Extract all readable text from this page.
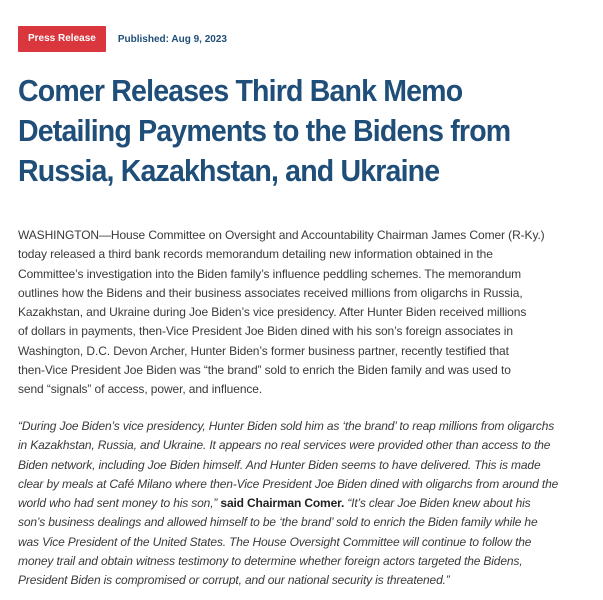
Press Release	Published: Aug 9, 2023
Comer Releases Third Bank Memo
Detailing Payments to the Bidens from
Russia, Kazakhstan, and Ukraine

WASHINGTON—House Committee on Oversight and Accountability Chairman James Comer (R-Ky.)
today released a third bank records memorandum detailing new information obtained in the
Committee’s investigation into the Biden family’s influence peddling schemes. The memorandum
outlines how the Bidens and their business associates received millions from oligarchs in Russia,
Kazakhstan, and Ukraine during Joe Biden’s vice presidency. After Hunter Biden received millions
of dollars in payments, then-Vice President Joe Biden dined with his son’s foreign associates in
Washington, D.C. Devon Archer, Hunter Biden’s former business partner, recently testified that
then-Vice President Joe Biden was “the brand” sold to enrich the Biden family and was used to
send “signals” of access, power, and influence.

“During Joe Biden’s vice presidency, Hunter Biden sold him as ‘the brand’ to reap millions from oligarchs
in Kazakhstan, Russia, and Ukraine. It appears no real services were provided other than access to the
Biden network, including Joe Biden himself. And Hunter Biden seems to have delivered. This is made
clear by meals at Café Milano where then-Vice President Joe Biden dined with oligarchs from around the
world who had sent money to his son,” said Chairman Comer. “It’s clear Joe Biden knew about his
son’s business dealings and allowed himself to be ‘the brand’ sold to enrich the Biden family while he
was Vice President of the United States. The House Oversight Committee will continue to follow the
money trail and obtain witness testimony to determine whether foreign actors targeted the Bidens,
President Biden is compromised or corrupt, and our national security is threatened.”
